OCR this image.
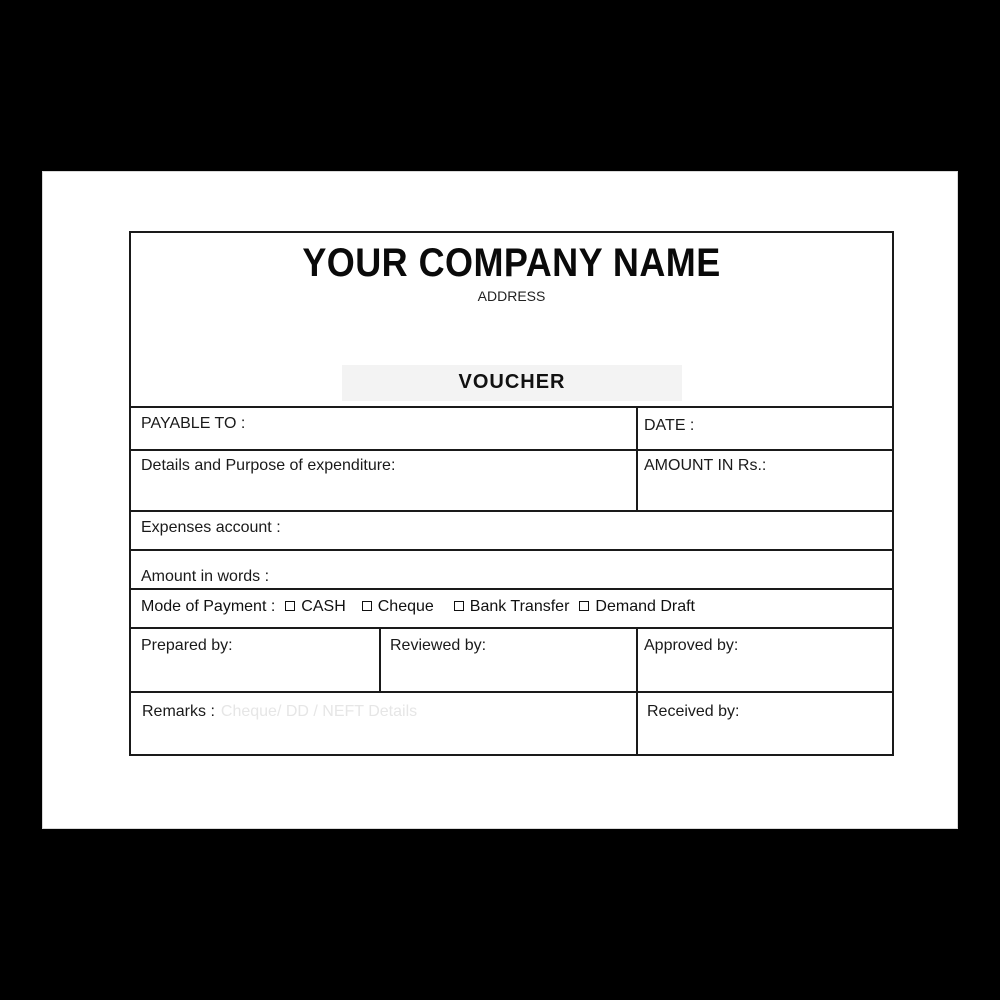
YOUR COMPANY NAME
ADDRESS
VOUCHER
PAYABLE TO :	DATE :
Details and Purpose of expenditure:	AMOUNT IN Rs.:
Expenses account :
Amount in words :
Mode of Payment : CASH Cheque Bank Transfer Demand Draft
Prepared by:	Reviewed by:	Approved by:
Remarks : Cheque/ DD / NEFT Details	Received by:
